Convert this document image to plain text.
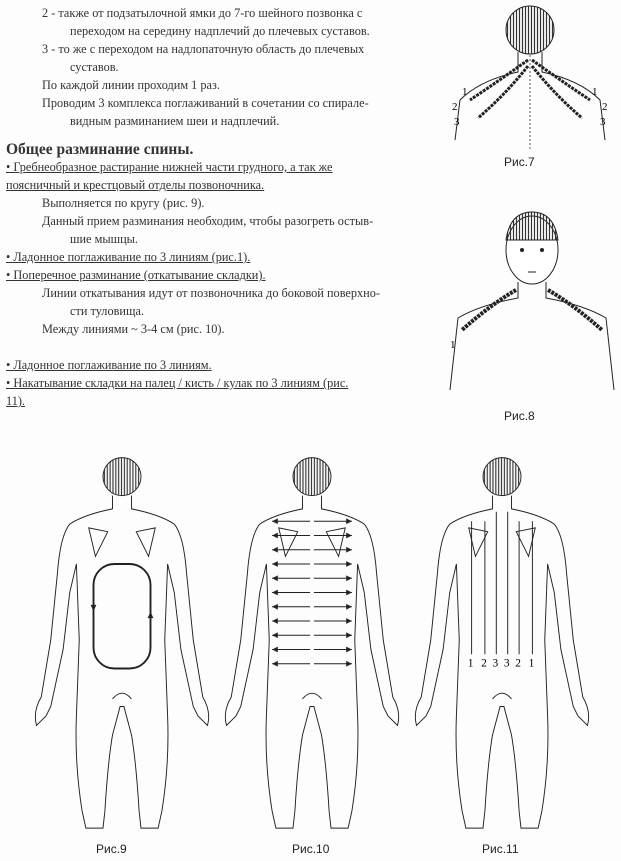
2 - также от подзатылочной ямки до 7-го шейного позвонка с
переходом на середину надплечий до плечевых суставов.
3 - то же с переходом на надлопаточную область до плечевых
суставов.
По каждой линии проходим 1 раз.
Проводим 3 комплекса поглаживаний в сочетании со спирале-
видным разминанием шеи и надплечий.
Общее разминание спины.
• Гребнеобразное растирание нижней части грудного, а так же
поясничный и крестцовый отделы позвоночника.
Выполняется по кругу (рис. 9).
Данный прием разминания необходим, чтобы разогреть остыв-
шие мышцы.
• Ладонное поглаживание по 3 линиям (рис.1).
• Поперечное разминание (откатывание складки).
Линии откатывания идут от позвоночника до боковой поверхно-
сти туловища.
Между линиями ~ 3-4 см (рис. 10).
• Ладонное поглаживание по 3 линиям.
• Накатывание складки на палец / кисть / кулак по 3 линиям (рис.
11).
1
2
3
1
2
3
Рис.7
1
Рис.8
Рис.9	Рис.10
1 2 3 3 2 1
Рис.11
